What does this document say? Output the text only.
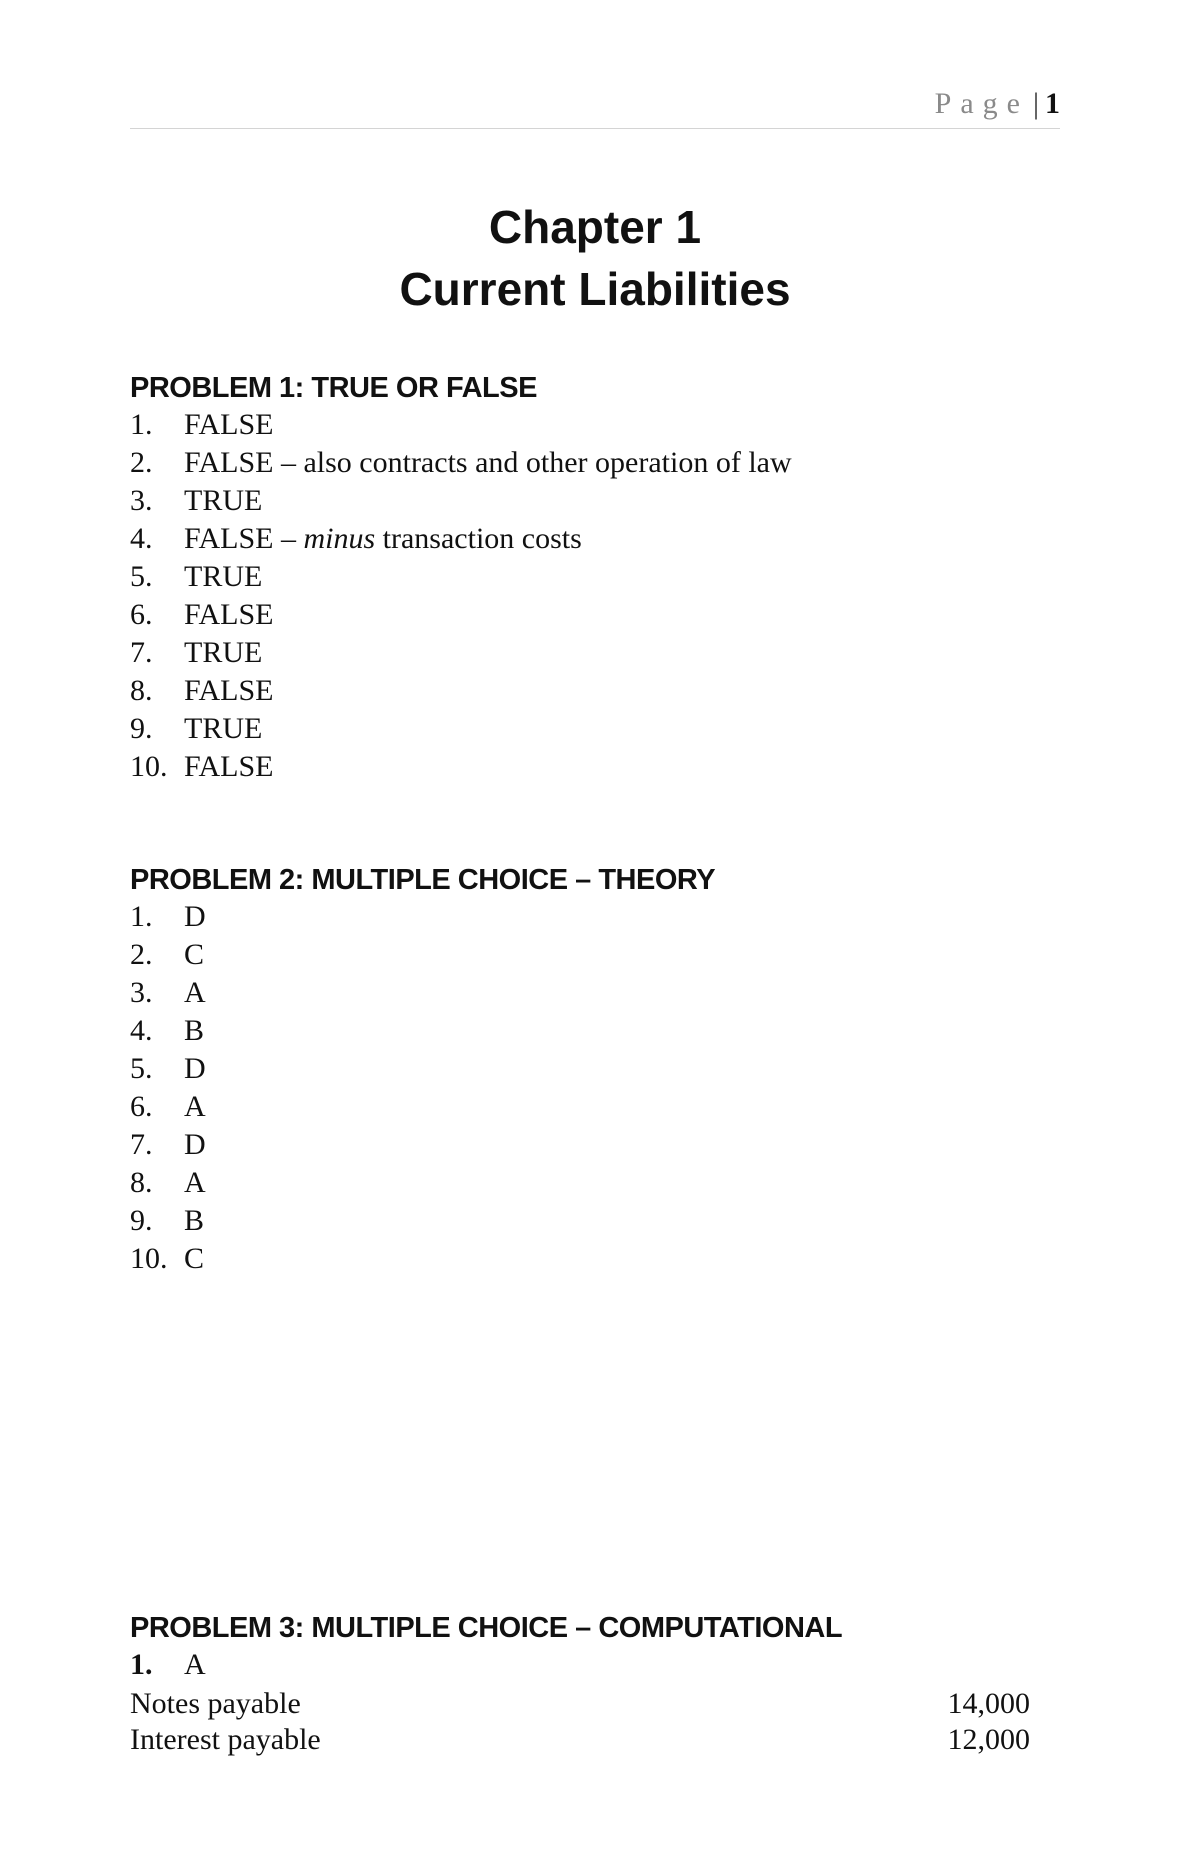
Page | 1
Chapter 1
Current Liabilities
PROBLEM 1: TRUE OR FALSE
1.	FALSE
2.	FALSE – also contracts and other operation of law
3.	TRUE
4.	FALSE – minus transaction costs
5.	TRUE
6.	FALSE
7.	TRUE
8.	FALSE
9.	TRUE
10. FALSE
PROBLEM 2: MULTIPLE CHOICE – THEORY
1.	D
2.	C
3.	A
4.	B
5.	D
6.	A
7.	D
8.	A
9.	B
10. C
PROBLEM 3: MULTIPLE CHOICE – COMPUTATIONAL
1.	A
Notes payable	14,000
Interest payable	12,000
